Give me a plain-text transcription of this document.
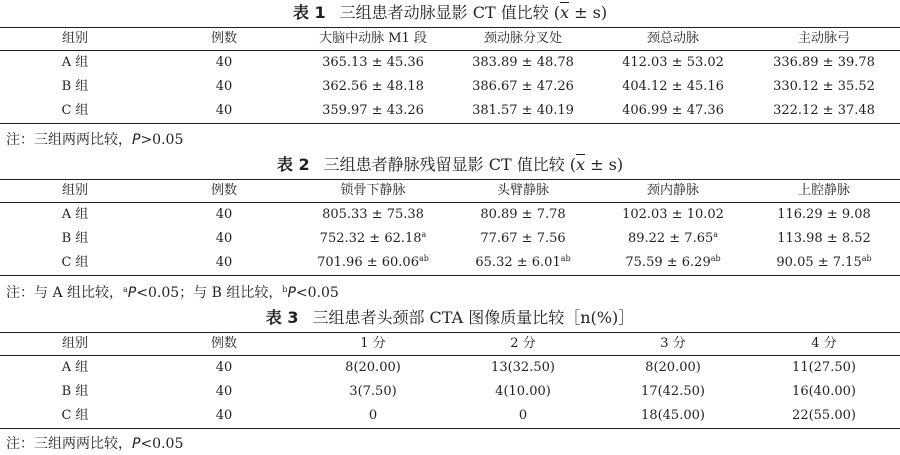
表 1 三组患者动脉显影 CT 值比较 $(\overline{x} \pm s)$
组别	例数	大脑中动脉 M1 段	颈动脉分叉处	颈总动脉	主动脉弓
A 组	40	365.13 ± 45.36	383.89 ± 48.78	412.03 ± 53.02	336.89 ± 39.78
B 组	40	362.56 ± 48.18	386.67 ± 47.26	404.12 ± 45.16	330.12 ± 35.52
C 组	40	359.97 ± 43.26	381.57 ± 40.19	406.99 ± 47.36	322.12 ± 37.48
注：三组两两比较，P>0.05
表 2 三组患者静脉残留显影 CT 值比较 $(\overline{x} \pm s)$
组别	例数	锁骨下静脉	头臂静脉	颈内静脉	上腔静脉
A 组	40	805.33 ± 75.38	80.89 ± 7.78	102.03 ± 10.02	116.29 ± 9.08
B 组	40	752.32 ± 62.18$^a$	77.67 ± 7.56	89.22 ± 7.65$^a$	113.98 ± 8.52
C 组	40	701.96 ± 60.06$^{ab}$	65.32 ± 6.01$^{ab}$	75.59 ± 6.29$^{ab}$	90.05 ± 7.15$^{ab}$
注：与 A 组比较，$^a$P<0.05；与 B 组比较，$^b$P<0.05
表 3 三组患者头颈部 CTA 图像质量比较［n(%)］
组别	例数	1 分	2 分	3 分	4 分
A 组	40	8(20.00)	13(32.50)	8(20.00)	11(27.50)
B 组	40	3(7.50)	4(10.00)	17(42.50)	16(40.00)
C 组	40	0	0	18(45.00)	22(55.00)
注：三组两两比较，P<0.05
